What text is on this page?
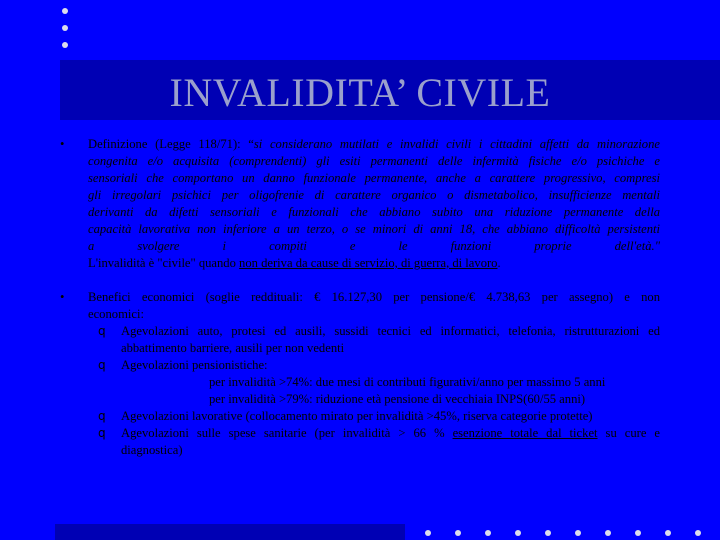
INVALIDITA’ CIVILE
•	Definizione (Legge 118/71): “si considerano mutilati e invalidi civili i cittadini affetti da minorazione
congenita e/o acquisita (comprendenti) gli esiti permanenti delle infermità fisiche e/o psichiche e
sensoriali che comportano un danno funzionale permanente, anche a carattere progressivo, compresi
gli irregolari psichici per oligofrenie di carattere organico o dismetabolico, insufficienze mentali
derivanti da difetti sensoriali e funzionali che abbiano subito una riduzione permanente della
capacità lavorativa non inferiore a un terzo, o se minori di anni 18, che abbiano difficoltà persistenti
a svolgere i compiti e le funzioni proprie dell'età."
L'invalidità è "civile" quando non deriva da cause di servizio, di guerra, di lavoro.
•	Benefici economici (soglie reddituali: € 16.127,30 per pensione/€ 4.738,63 per assegno) e non
economici:
q	Agevolazioni auto, protesi ed ausili, sussidi tecnici ed informatici, telefonia, ristrutturazioni ed
abbattimento barriere, ausili per non vedenti
q	Agevolazioni pensionistiche:
per invalidità >74%: due mesi di contributi figurativi/anno per massimo 5 anni
per invalidità >79%: riduzione età pensione di vecchiaia INPS(60/55 anni)
q	Agevolazioni lavorative (collocamento mirato per invalidità >45%, riserva categorie protette)
q	Agevolazioni sulle spese sanitarie (per invalidità > 66 % esenzione totale dal ticket su cure e
diagnostica)
